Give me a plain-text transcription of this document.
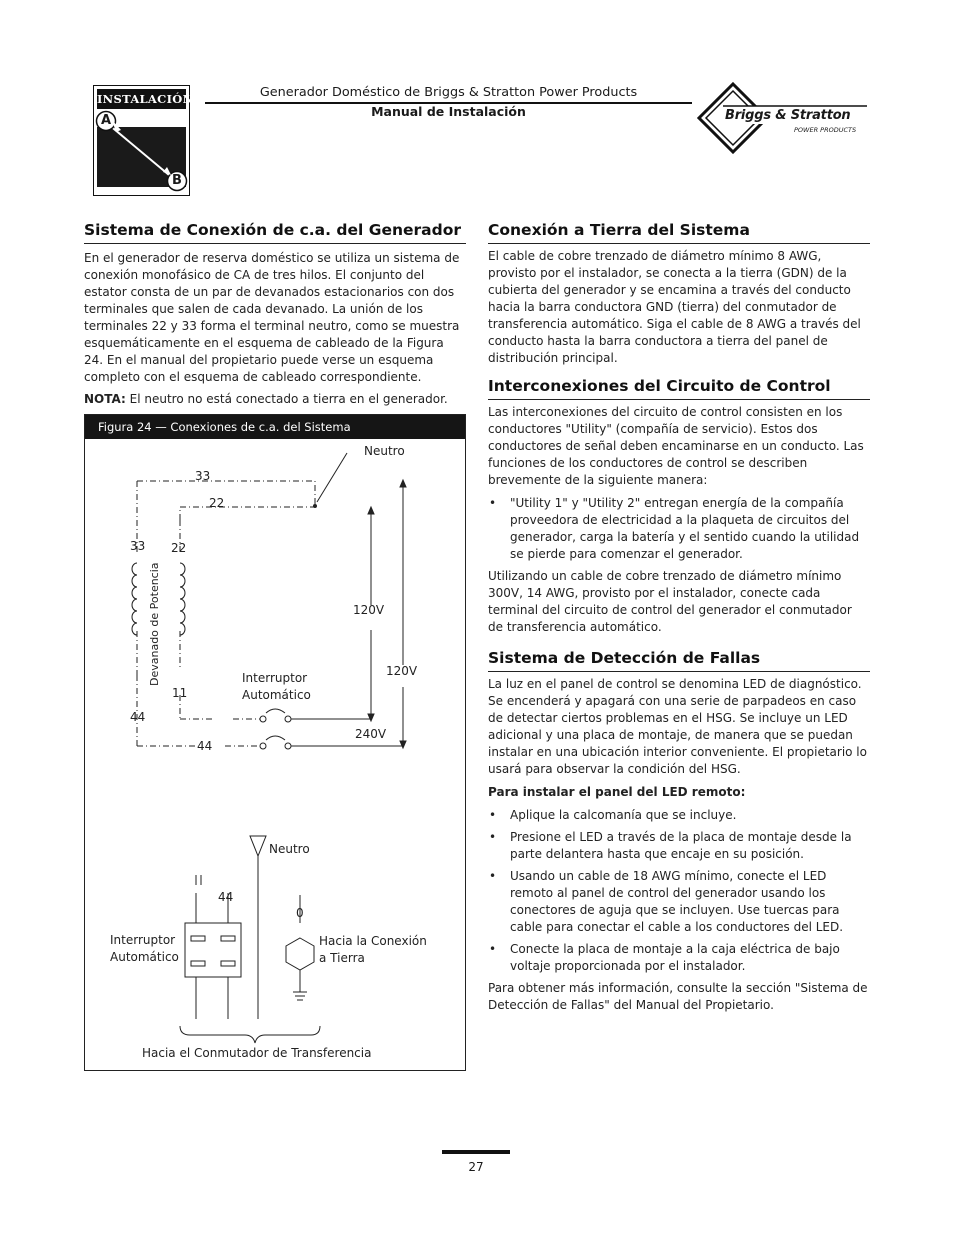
INSTALACIÓN
A
B
Generador Doméstico de Briggs & Stratton Power Products
Manual de Instalación	Briggs & Stratton
POWER PRODUCTS
Sistema de Conexión de c.a. del Generador

En el generador de reserva doméstico se utiliza un sistema de conexión monofásico de CA de tres hilos. El conjunto del estator consta de un par de devanados estacionarios con dos terminales que salen de cada devanado. La unión de los terminales 22 y 33 forma el terminal neutro, como se muestra esquemáticamente en el esquema de cableado de la Figura 24. En el manual del propietario puede verse un esquema completo con el esquema de cableado correspondiente.

NOTA: El neutro no está conectado a tierra en el generador.

Figura 24 — Conexiones de c.a. del Sistema
Neutro
33
22
33 22
Devanado de Potencia
11
44
44
Interruptor
Automático
120V
120V
240V
Neutro
44
0
Interruptor
Automático
Hacia la Conexión
a Tierra
Hacia el Conmutador de Transferencia
Conexión a Tierra del Sistema

El cable de cobre trenzado de diámetro mínimo 8 AWG, provisto por el instalador, se conecta a la tierra (GDN) de la cubierta del generador y se encamina a través del conducto hacia la barra conductora GND (tierra) del conmutador de transferencia automático. Siga el cable de 8 AWG a través del conducto hasta la barra conductora a tierra del panel de distribución principal.

Interconexiones del Circuito de Control

Las interconexiones del circuito de control consisten en los conductores "Utility" (compañía de servicio). Estos dos conductores de señal deben encaminarse en un conducto. Las funciones de los conductores de control se describen brevemente de la siguiente manera:

• "Utility 1" y "Utility 2" entregan energía de la compañía proveedora de electricidad a la plaqueta de circuitos del generador, carga la batería y el sentido cuando la utilidad se pierde para comenzar el generador.

Utilizando un cable de cobre trenzado de diámetro mínimo 300V, 14 AWG, provisto por el instalador, conecte cada terminal del circuito de control del generador el conmutador de transferencia automático.

Sistema de Detección de Fallas

La luz en el panel de control se denomina LED de diagnóstico. Se encenderá y apagará con una serie de parpadeos en caso de detectar ciertos problemas en el HSG. Se incluye un LED adicional y una placa de montaje, de manera que se puedan instalar en una ubicación interior conveniente. El propietario lo usará para observar la condición del HSG.

Para instalar el panel del LED remoto:

• Aplique la calcomanía que se incluye.

• Presione el LED a través de la placa de montaje desde la parte delantera hasta que encaje en su posición.

• Usando un cable de 18 AWG mínimo, conecte el LED remoto al panel de control del generador usando los conectores de aguja que se incluyen. Use tuercas para cable para conectar el cable a los conductores del LED.

• Conecte la placa de montaje a la caja eléctrica de bajo voltaje proporcionada por el instalador.

Para obtener más información, consulte la sección "Sistema de Detección de Fallas" del Manual del Propietario.

27
